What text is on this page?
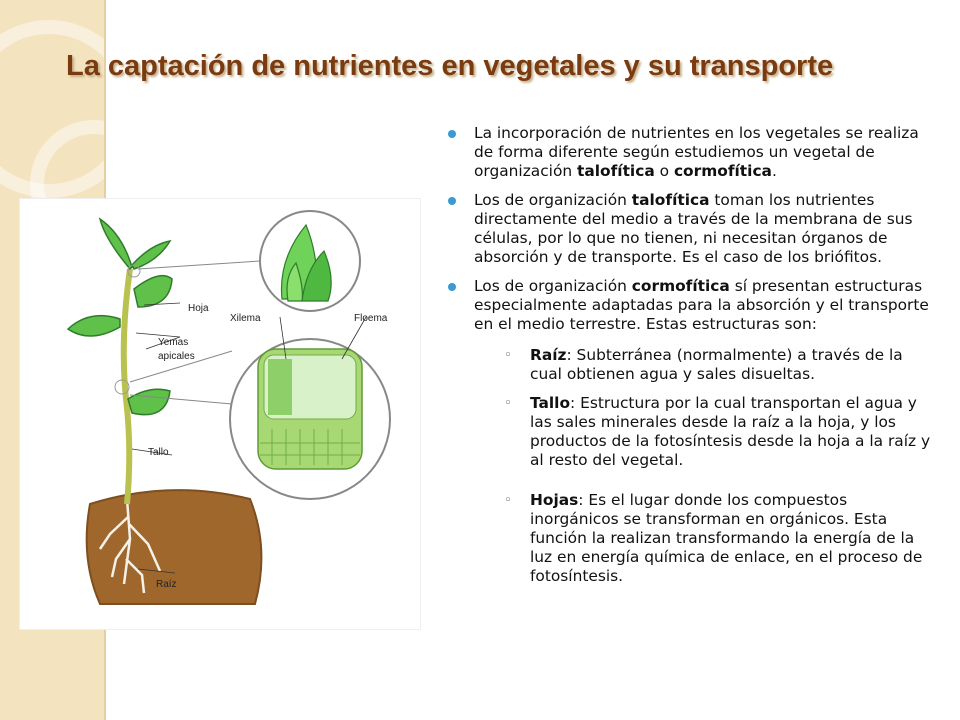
La captación de nutrientes en vegetales y su transporte
Hoja
Yemas
apicales
Tallo
Raíz
Xilema	Floema
La incorporación de nutrientes en los vegetales se realiza de forma diferente según estudiemos un vegetal de organización talofítica o cormofítica.
Los de organización talofítica toman los nutrientes directamente del medio a través de la membrana de sus células, por lo que no tienen, ni necesitan órganos de absorción y de transporte. Es el caso de los briófitos.
Los de organización cormofítica sí presentan estructuras especialmente adaptadas para la absorción y el transporte en el medio terrestre. Estas estructuras son:
◦ Raíz: Subterránea (normalmente) a través de la cual obtienen agua y sales disueltas.
◦ Tallo: Estructura por la cual transportan el agua y las sales minerales desde la raíz a la hoja, y los productos de la fotosíntesis desde la hoja a la raíz y al resto del vegetal.
◦ Hojas: Es el lugar donde los compuestos inorgánicos se transforman en orgánicos. Esta función la realizan transformando la energía de la luz en energía química de enlace, en el proceso de fotosíntesis.
